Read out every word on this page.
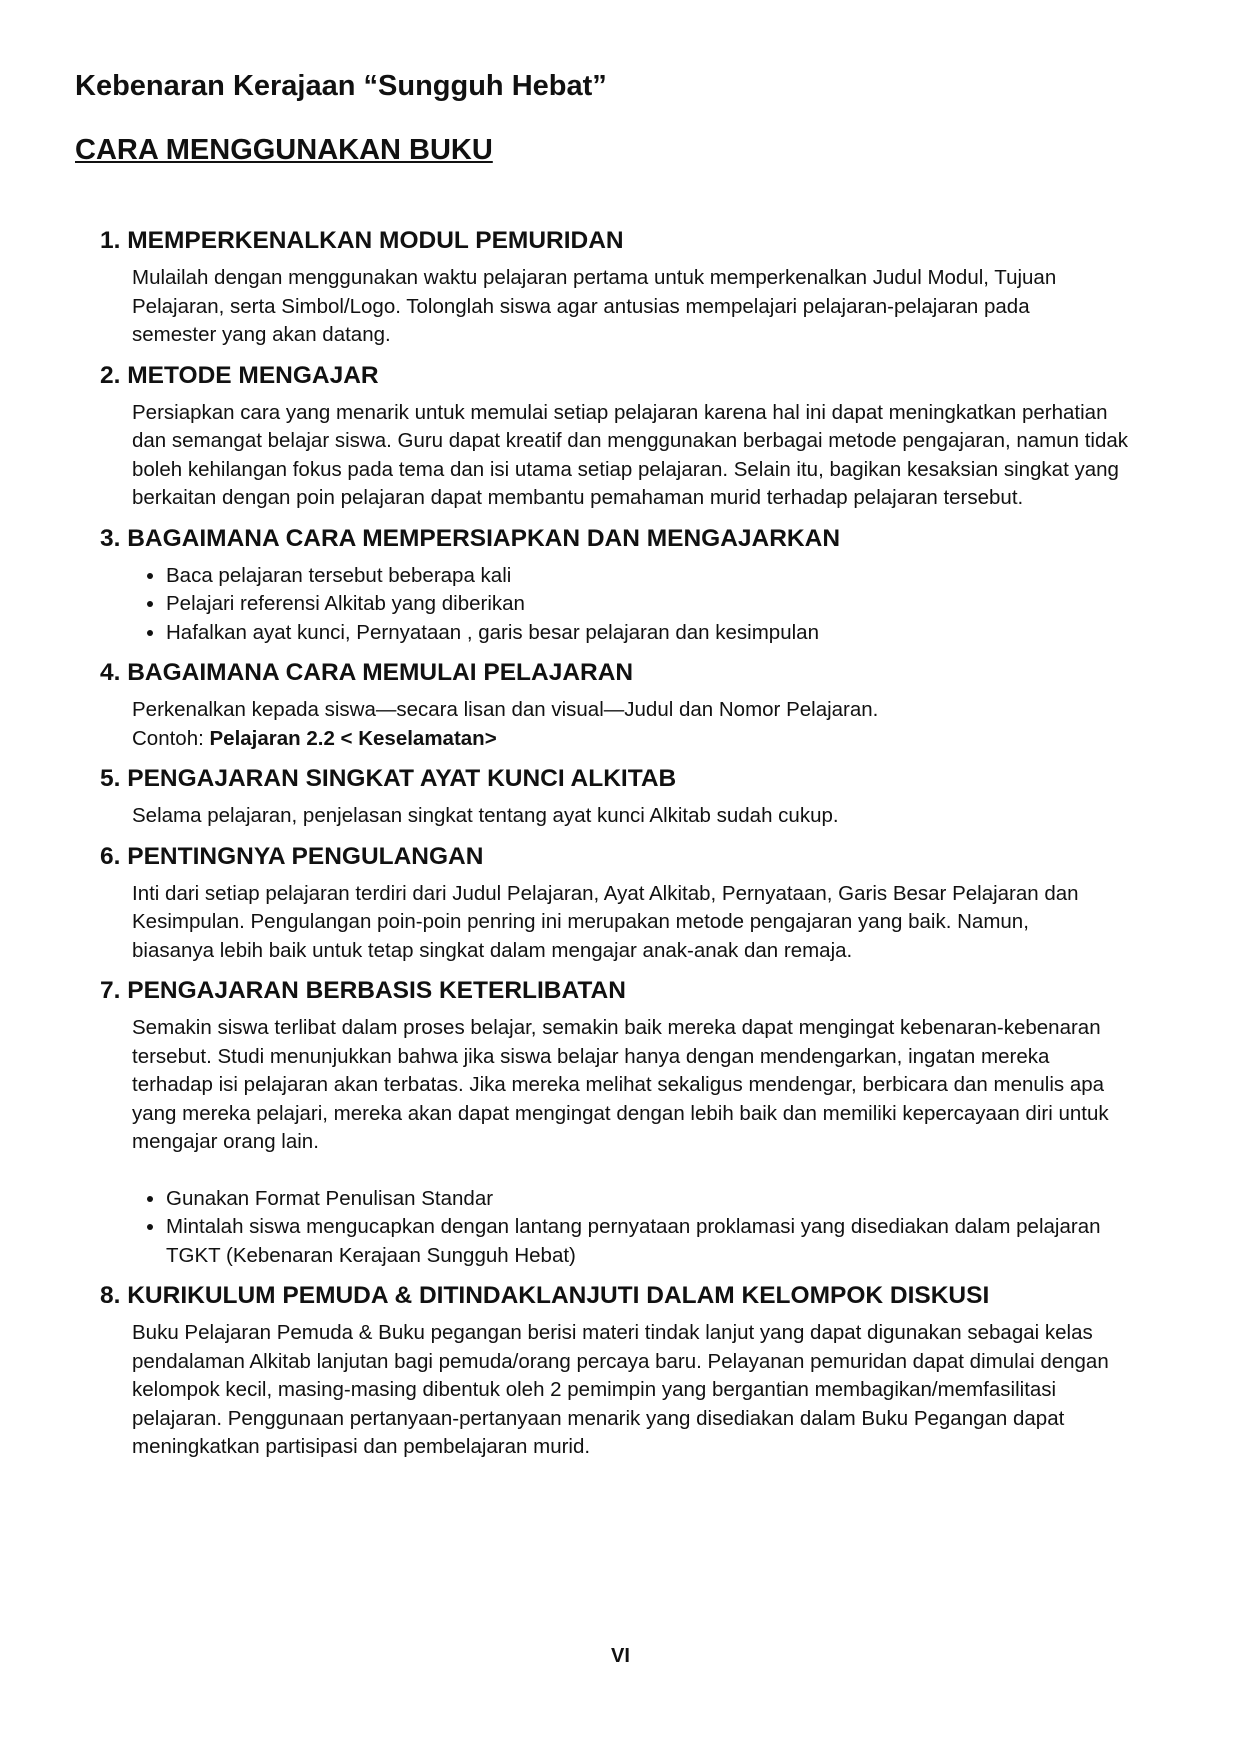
Kebenaran Kerajaan “Sungguh Hebat”
CARA MENGGUNAKAN BUKU
1. MEMPERKENALKAN MODUL PEMURIDAN

Mulailah dengan menggunakan waktu pelajaran pertama untuk memperkenalkan Judul Modul, Tujuan Pelajaran, serta Simbol/Logo. Tolonglah siswa agar antusias mempelajari pelajaran-pelajaran pada semester yang akan datang.

2. METODE MENGAJAR

Persiapkan cara yang menarik untuk memulai setiap pelajaran karena hal ini dapat meningkatkan perhatian dan semangat belajar siswa. Guru dapat kreatif dan menggunakan berbagai metode pengajaran, namun tidak boleh kehilangan fokus pada tema dan isi utama setiap pelajaran. Selain itu, bagikan kesaksian singkat yang berkaitan dengan poin pelajaran dapat membantu pemahaman murid terhadap pelajaran tersebut.

3. BAGAIMANA CARA MEMPERSIAPKAN DAN MENGAJARKAN
• Baca pelajaran tersebut beberapa kali
• Pelajari referensi Alkitab yang diberikan
• Hafalkan ayat kunci, Pernyataan , garis besar pelajaran dan kesimpulan
4. BAGAIMANA CARA MEMULAI PELAJARAN

Perkenalkan kepada siswa—secara lisan dan visual—Judul dan Nomor Pelajaran.

Contoh: Pelajaran 2.2 < Keselamatan>

5. PENGAJARAN SINGKAT AYAT KUNCI ALKITAB

Selama pelajaran, penjelasan singkat tentang ayat kunci Alkitab sudah cukup.

6. PENTINGNYA PENGULANGAN

Inti dari setiap pelajaran terdiri dari Judul Pelajaran, Ayat Alkitab, Pernyataan, Garis Besar Pelajaran dan Kesimpulan. Pengulangan poin-poin penring ini merupakan metode pengajaran yang baik. Namun, biasanya lebih baik untuk tetap singkat dalam mengajar anak-anak dan remaja.

7. PENGAJARAN BERBASIS KETERLIBATAN

Semakin siswa terlibat dalam proses belajar, semakin baik mereka dapat mengingat kebenaran-kebenaran tersebut. Studi menunjukkan bahwa jika siswa belajar hanya dengan mendengarkan, ingatan mereka terhadap isi pelajaran akan terbatas. Jika mereka melihat sekaligus mendengar, berbicara dan menulis apa yang mereka pelajari, mereka akan dapat mengingat dengan lebih baik dan memiliki kepercayaan diri untuk mengajar orang lain.

• Gunakan Format Penulisan Standar
• Mintalah siswa mengucapkan dengan lantang pernyataan proklamasi yang disediakan dalam pelajaran TGKT (Kebenaran Kerajaan Sungguh Hebat)
8. KURIKULUM PEMUDA & DITINDAKLANJUTI DALAM KELOMPOK DISKUSI

Buku Pelajaran Pemuda & Buku pegangan berisi materi tindak lanjut yang dapat digunakan sebagai kelas pendalaman Alkitab lanjutan bagi pemuda/orang percaya baru. Pelayanan pemuridan dapat dimulai dengan kelompok kecil, masing-masing dibentuk oleh 2 pemimpin yang bergantian membagikan/memfasilitasi pelajaran. Penggunaan pertanyaan-pertanyaan menarik yang disediakan dalam Buku Pegangan dapat meningkatkan partisipasi dan pembelajaran murid.

VI
